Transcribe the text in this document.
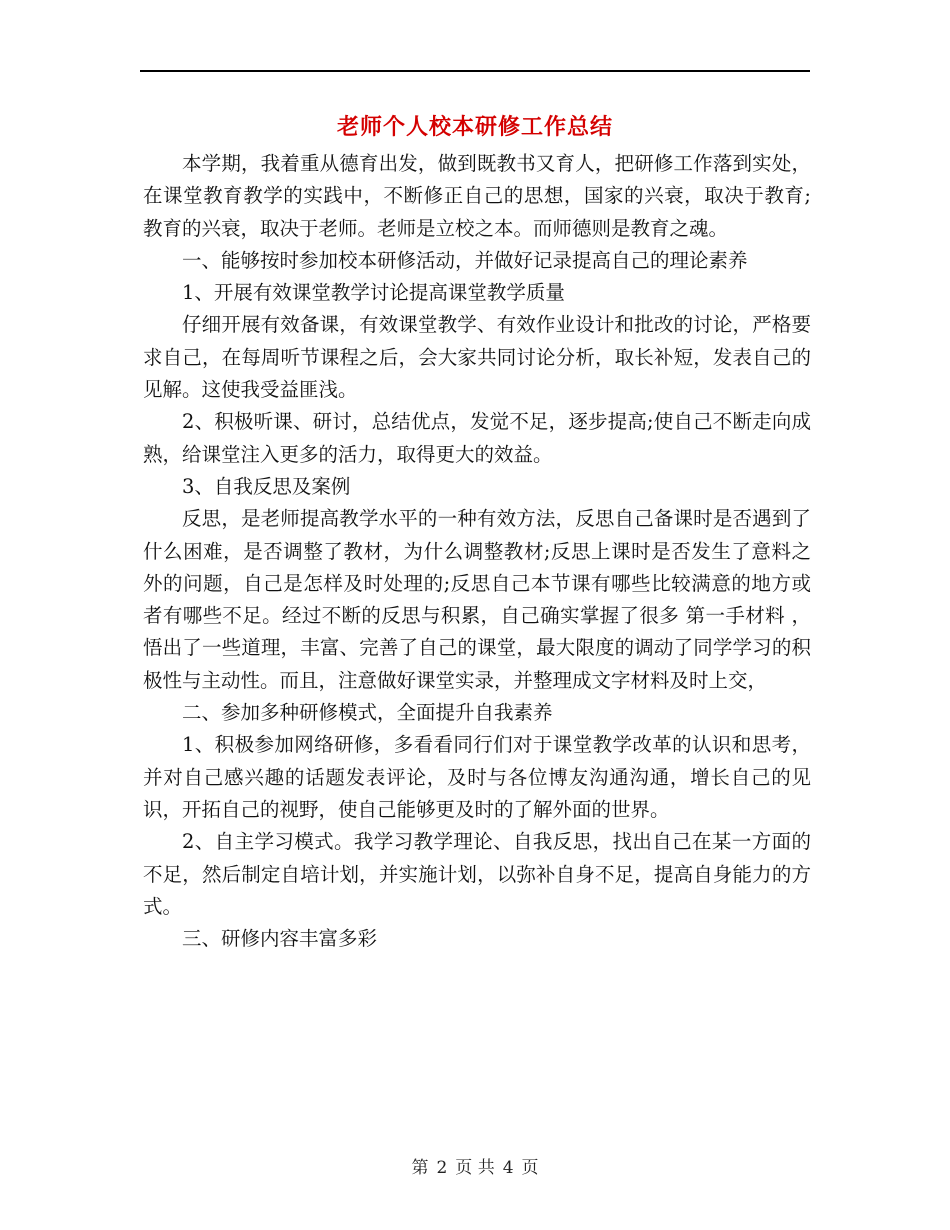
老师个人校本研修工作总结

本学期，我着重从德育出发，做到既教书又育人，把研修工作落到实处，在课堂教育教学的实践中，不断修正自己的思想，国家的兴衰，取决于教育;教育的兴衰，取决于老师。老师是立校之本。而师德则是教育之魂。

一、能够按时参加校本研修活动，并做好记录提高自己的理论素养

1、开展有效课堂教学讨论提高课堂教学质量

仔细开展有效备课，有效课堂教学、有效作业设计和批改的讨论，严格要求自己，在每周听节课程之后，会大家共同讨论分析，取长补短，发表自己的见解。这使我受益匪浅。

2、积极听课、研讨，总结优点，发觉不足，逐步提高;使自己不断走向成熟，给课堂注入更多的活力，取得更大的效益。

3、自我反思及案例

反思，是老师提高教学水平的一种有效方法，反思自己备课时是否遇到了什么困难，是否调整了教材，为什么调整教材;反思上课时是否发生了意料之外的问题，自己是怎样及时处理的;反思自己本节课有哪些比较满意的地方或者有哪些不足。经过不断的反思与积累，自己确实掌握了很多 第一手材料 ，悟出了一些道理，丰富、完善了自己的课堂，最大限度的调动了同学学习的积极性与主动性。而且，注意做好课堂实录，并整理成文字材料及时上交，

二、参加多种研修模式，全面提升自我素养

1、积极参加网络研修，多看看同行们对于课堂教学改革的认识和思考，并对自己感兴趣的话题发表评论，及时与各位博友沟通沟通，增长自己的见识，开拓自己的视野，使自己能够更及时的了解外面的世界。

2、自主学习模式。我学习教学理论、自我反思，找出自己在某一方面的不足，然后制定自培计划，并实施计划，以弥补自身不足，提高自身能力的方式。

三、研修内容丰富多彩

第 2 页 共 4 页
